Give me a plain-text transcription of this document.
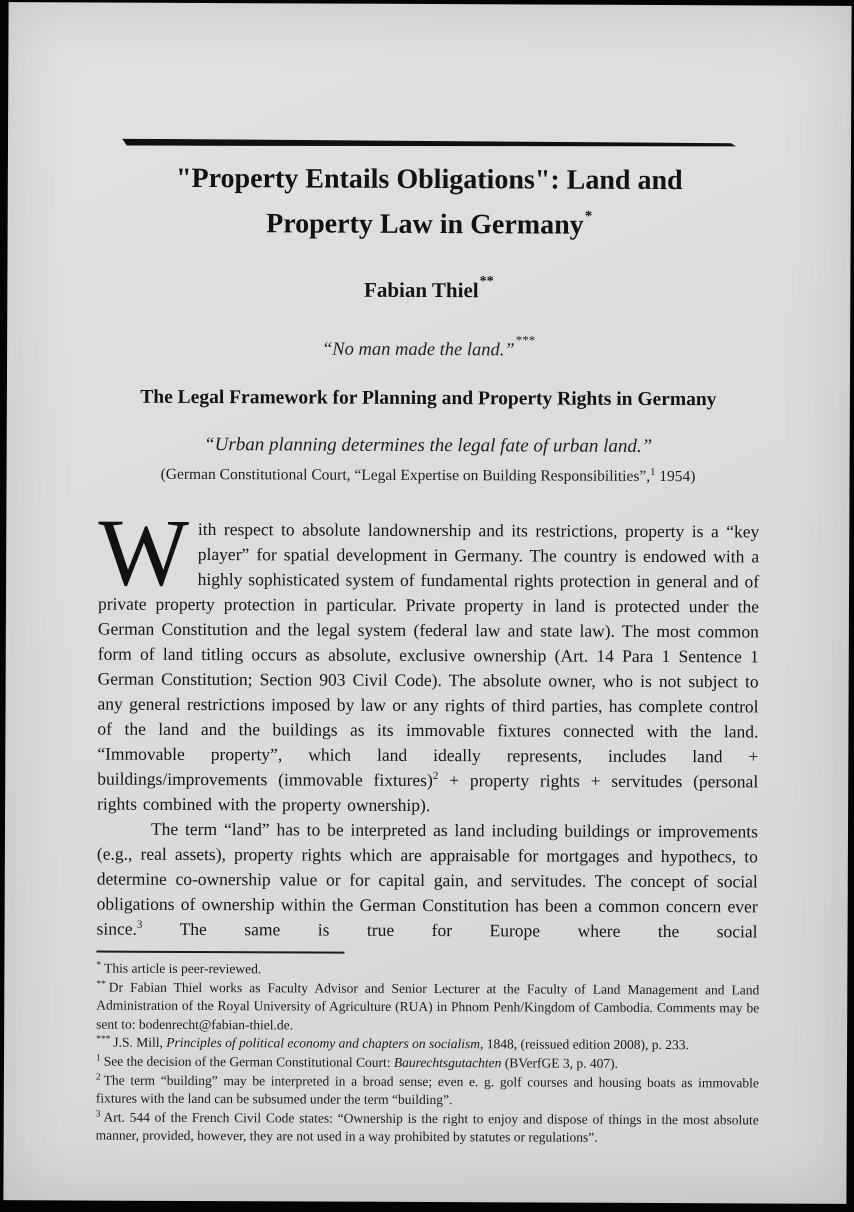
"Property Entails Obligations": Land and
Property Law in Germany*
Fabian Thiel**
“No man made the land.”***
The Legal Framework for Planning and Property Rights in Germany
“Urban planning determines the legal fate of urban land.”
(German Constitutional Court, “Legal Expertise on Building Responsibilities”,$^1$ 1954)

With respect to absolute landownership and its restrictions, property is a “key player” for spatial development in Germany. The country is endowed with a highly sophisticated system of fundamental rights protection in general and of private property protection in particular. Private property in land is protected under the German Constitution and the legal system (federal law and state law). The most common form of land titling occurs as absolute, exclusive ownership (Art. 14 Para 1 Sentence 1 German Constitution; Section 903 Civil Code). The absolute owner, who is not subject to any general restrictions imposed by law or any rights of third parties, has complete control of the land and the buildings as its immovable fixtures connected with the land. “Immovable property”, which land ideally represents, includes land + buildings/improvements (immovable fixtures)$^2$ + property rights + servitudes (personal rights combined with the property ownership).

The term “land” has to be interpreted as land including buildings or improvements (e.g., real assets), property rights which are appraisable for mortgages and hypothecs, to determine co-ownership value or for capital gain, and servitudes. The concept of social obligations of ownership within the German Constitution has been a common concern ever since.$^3$ The same is true for Europe where the social

* This article is peer-reviewed.

** Dr Fabian Thiel works as Faculty Advisor and Senior Lecturer at the Faculty of Land Management and Land Administration of the Royal University of Agriculture (RUA) in Phnom Penh/Kingdom of Cambodia. Comments may be sent to: bodenrecht@fabian-thiel.de.

*** J.S. Mill, Principles of political economy and chapters on socialism, 1848, (reissued edition 2008), p. 233.

$^1$ See the decision of the German Constitutional Court: Baurechtsgutachten (BVerfGE 3, p. 407).

$^2$ The term “building” may be interpreted in a broad sense; even e. g. golf courses and housing boats as immovable fixtures with the land can be subsumed under the term “building”.

$^3$ Art. 544 of the French Civil Code states: “Ownership is the right to enjoy and dispose of things in the most absolute manner, provided, however, they are not used in a way prohibited by statutes or regulations”.
